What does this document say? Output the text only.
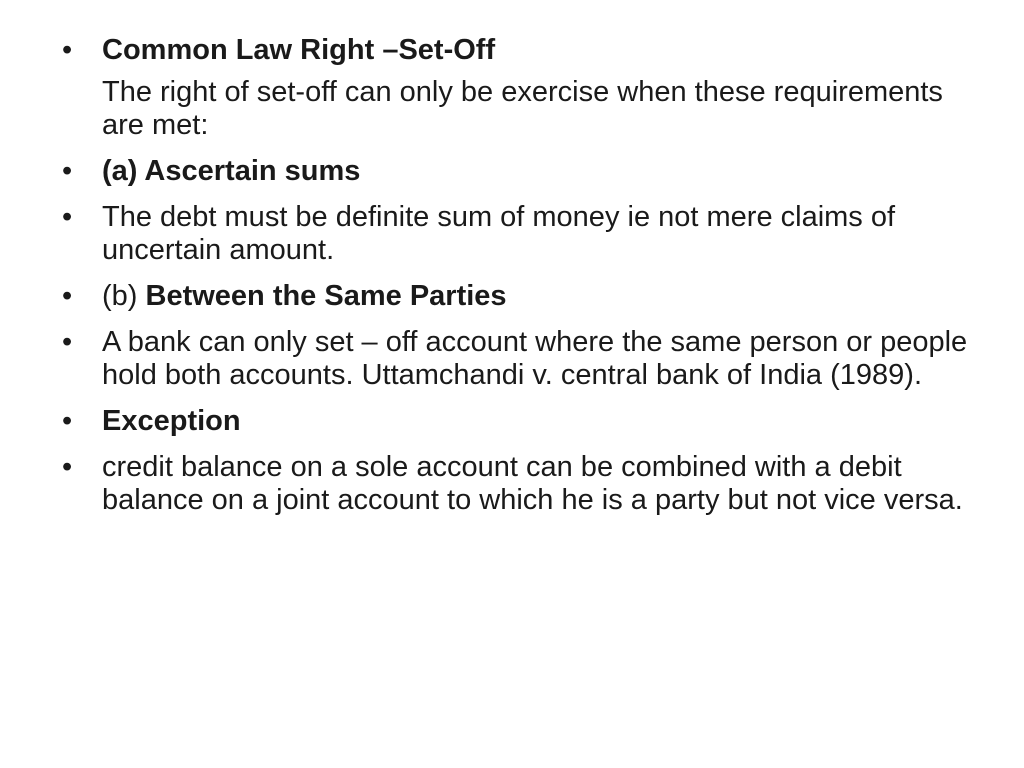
•	Common Law Right –Set-Off
The right of set-off can only be exercise when these requirements are met:
•	(a) Ascertain sums
•	The debt must be definite sum of money ie not mere claims of uncertain amount.
•	(b) Between the Same Parties
•	A bank can only set – off account where the same person or people hold both accounts. Uttamchandi v. central bank of India (1989).
•	Exception
•	credit balance on a sole account can be combined with a debit balance on a joint account to which he is a party but not vice versa.
